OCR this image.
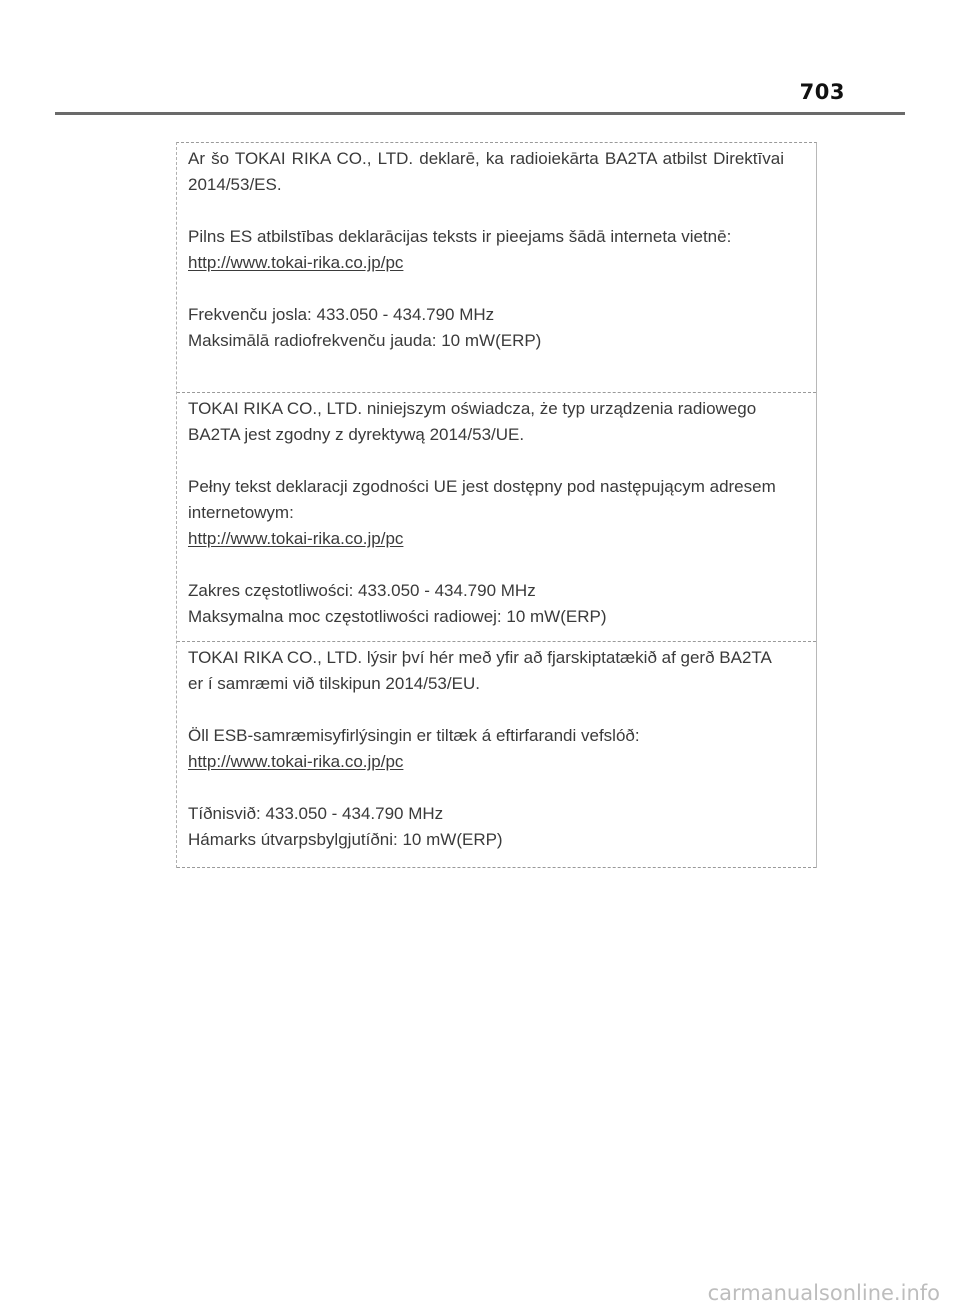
703

Ar šo TOKAI RIKA CO., LTD. deklarē, ka radioiekārta BA2TA atbilst Direktīvai 2014/53/ES.

Pilns ES atbilstības deklarācijas teksts ir pieejams šādā interneta vietnē:

http://www.tokai-rika.co.jp/pc

Frekvenču josla: 433.050 - 434.790 MHz

Maksimālā radiofrekvenču jauda: 10 mW(ERP)

TOKAI RIKA CO., LTD. niniejszym oświadcza, że typ urządzenia radiowego BA2TA jest zgodny z dyrektywą 2014/53/UE.

Pełny tekst deklaracji zgodności UE jest dostępny pod następującym adresem internetowym:

http://www.tokai-rika.co.jp/pc

Zakres częstotliwości: 433.050 - 434.790 MHz

Maksymalna moc częstotliwości radiowej: 10 mW(ERP)

TOKAI RIKA CO., LTD. lýsir því hér með yfir að fjarskiptatækið af gerð BA2TA er í samræmi við tilskipun 2014/53/EU.

Öll ESB-samræmisyfirlýsingin er tiltæk á eftirfarandi vefslóð:

http://www.tokai-rika.co.jp/pc

Tíðnisvið: 433.050 - 434.790 MHz

Hámarks útvarpsbylgjutíðni: 10 mW(ERP)

carmanualsonline.info
